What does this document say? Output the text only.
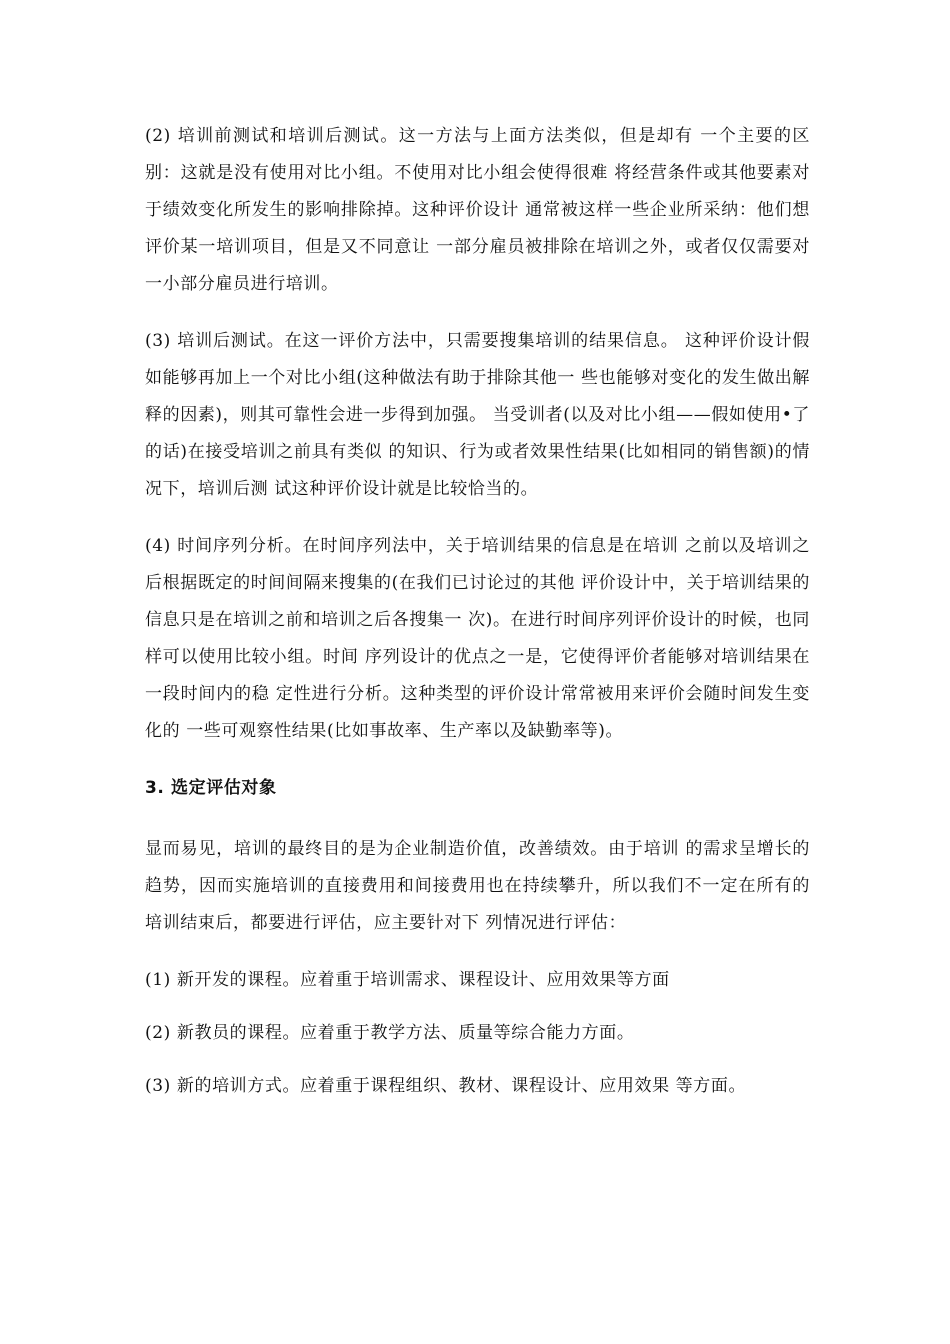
(2) 培训前测试和培训后测试。这一方法与上面方法类似，但是却有 一个主要的区别：这就是没有使用对比小组。不使用对比小组会使得很难 将经营条件或其他要素对于绩效变化所发生的影响排除掉。这种评价设计 通常被这样一些企业所采纳：他们想评价某一培训项目，但是又不同意让 一部分雇员被排除在培训之外，或者仅仅需要对一小部分雇员进行培训。

(3) 培训后测试。在这一评价方法中，只需要搜集培训的结果信息。 这种评价设计假如能够再加上一个对比小组(这种做法有助于排除其他一 些也能够对变化的发生做出解释的因素)，则其可靠性会进一步得到加强。 当受训者(以及对比小组——假如使用•了的话)在接受培训之前具有类似 的知识、行为或者效果性结果(比如相同的销售额)的情况下，培训后测 试这种评价设计就是比较恰当的。

(4) 时间序列分析。在时间序列法中，关于培训结果的信息是在培训 之前以及培训之后根据既定的时间间隔来搜集的(在我们已讨论过的其他 评价设计中，关于培训结果的信息只是在培训之前和培训之后各搜集一 次)。在进行时间序列评价设计的时候，也同样可以使用比较小组。时间 序列设计的优点之一是，它使得评价者能够对培训结果在一段时间内的稳 定性进行分析。这种类型的评价设计常常被用来评价会随时间发生变化的 一些可观察性结果(比如事故率、生产率以及缺勤率等)。

3. 选定评估对象

显而易见，培训的最终目的是为企业制造价值，改善绩效。由于培训 的需求呈增长的趋势，因而实施培训的直接费用和间接费用也在持续攀升，所以我们不一定在所有的培训结束后，都要进行评估，应主要针对下 列情况进行评估：

(1) 新开发的课程。应着重于培训需求、课程设计、应用效果等方面

(2) 新教员的课程。应着重于教学方法、质量等综合能力方面。

(3) 新的培训方式。应着重于课程组织、教材、课程设计、应用效果 等方面。
